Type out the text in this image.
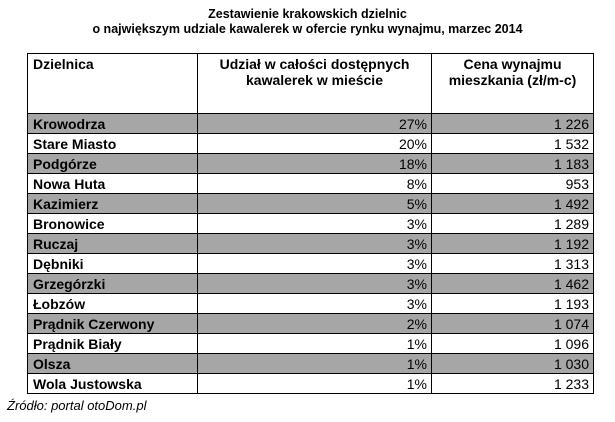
Zestawienie krakowskich dzielnic
o największym udziale kawalerek w ofercie rynku wynajmu, marzec 2014
Dzielnica	Udział w całości dostępnych kawalerek w mieście	Cena wynajmu mieszkania (zł/m-c)
Krowodrza	27%	1 226
Stare Miasto	20%	1 532
Podgórze	18%	1 183
Nowa Huta	8%	953
Kazimierz	5%	1 492
Bronowice	3%	1 289
Ruczaj	3%	1 192
Dębniki	3%	1 313
Grzegórzki	3%	1 462
Łobzów	3%	1 193
Prądnik Czerwony	2%	1 074
Prądnik Biały	1%	1 096
Olsza	1%	1 030
Wola Justowska	1%	1 233
Źródło: portal otoDom.pl
